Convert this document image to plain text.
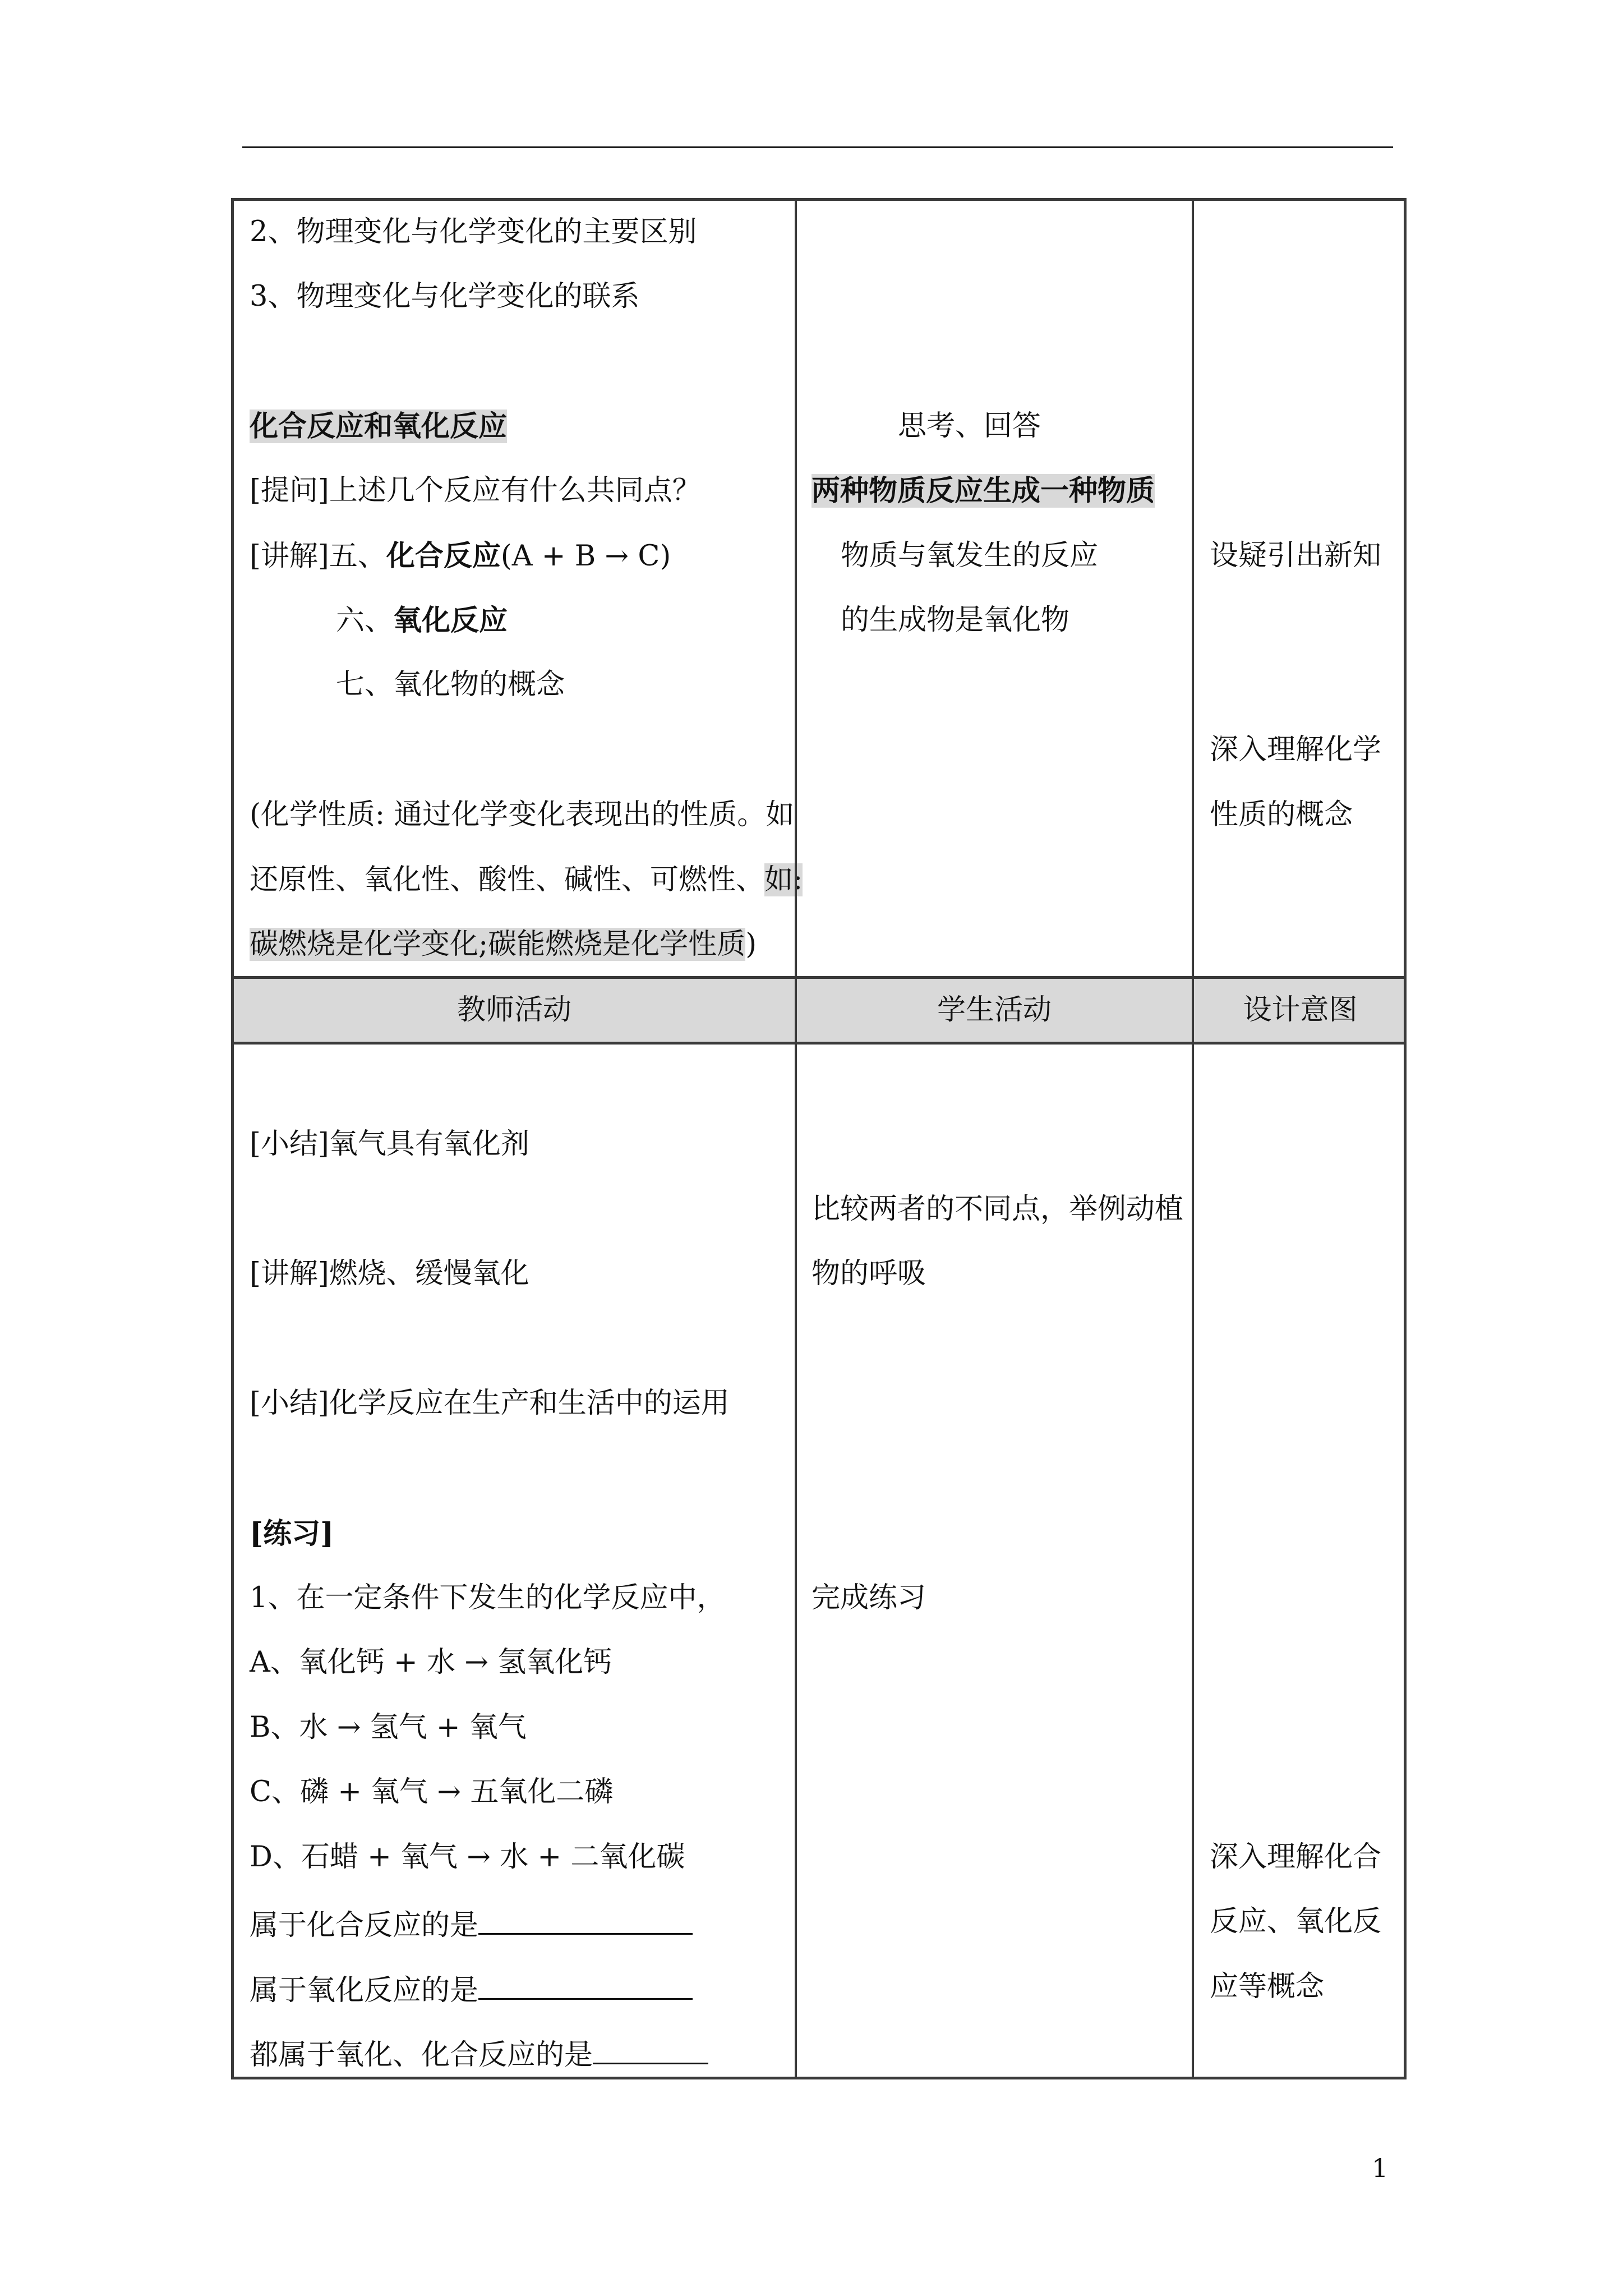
2、物理变化与化学变化的主要区别
3、物理变化与化学变化的联系
化合反应和氧化反应
[提问]上述几个反应有什么共同点？
[讲解]五、化合反应(A + B → C)
六、氧化反应
七、氧化物的概念
(化学性质: 通过化学变化表现出的性质。如
还原性、氧化性、酸性、碱性、可燃性、如:
碳燃烧是化学变化;碳能燃烧是化学性质)
思考、回答
两种物质反应生成一种物质
物质与氧发生的反应
的生成物是氧化物
设疑引出新知
深入理解化学
性质的概念
教师活动	学生活动	设计意图
[小结]氧气具有氧化剂
[讲解]燃烧、缓慢氧化
[小结]化学反应在生产和生活中的运用
[练习]
1、在一定条件下发生的化学反应中，
A、氧化钙 + 水 → 氢氧化钙
B、水 → 氢气 + 氧气
C、磷 + 氧气 → 五氧化二磷
D、石蜡 + 氧气 → 水 + 二氧化碳
属于化合反应的是
属于氧化反应的是
都属于氧化、化合反应的是
比较两者的不同点，举例动植
物的呼吸
完成练习
深入理解化合
反应、氧化反
应等概念
1
